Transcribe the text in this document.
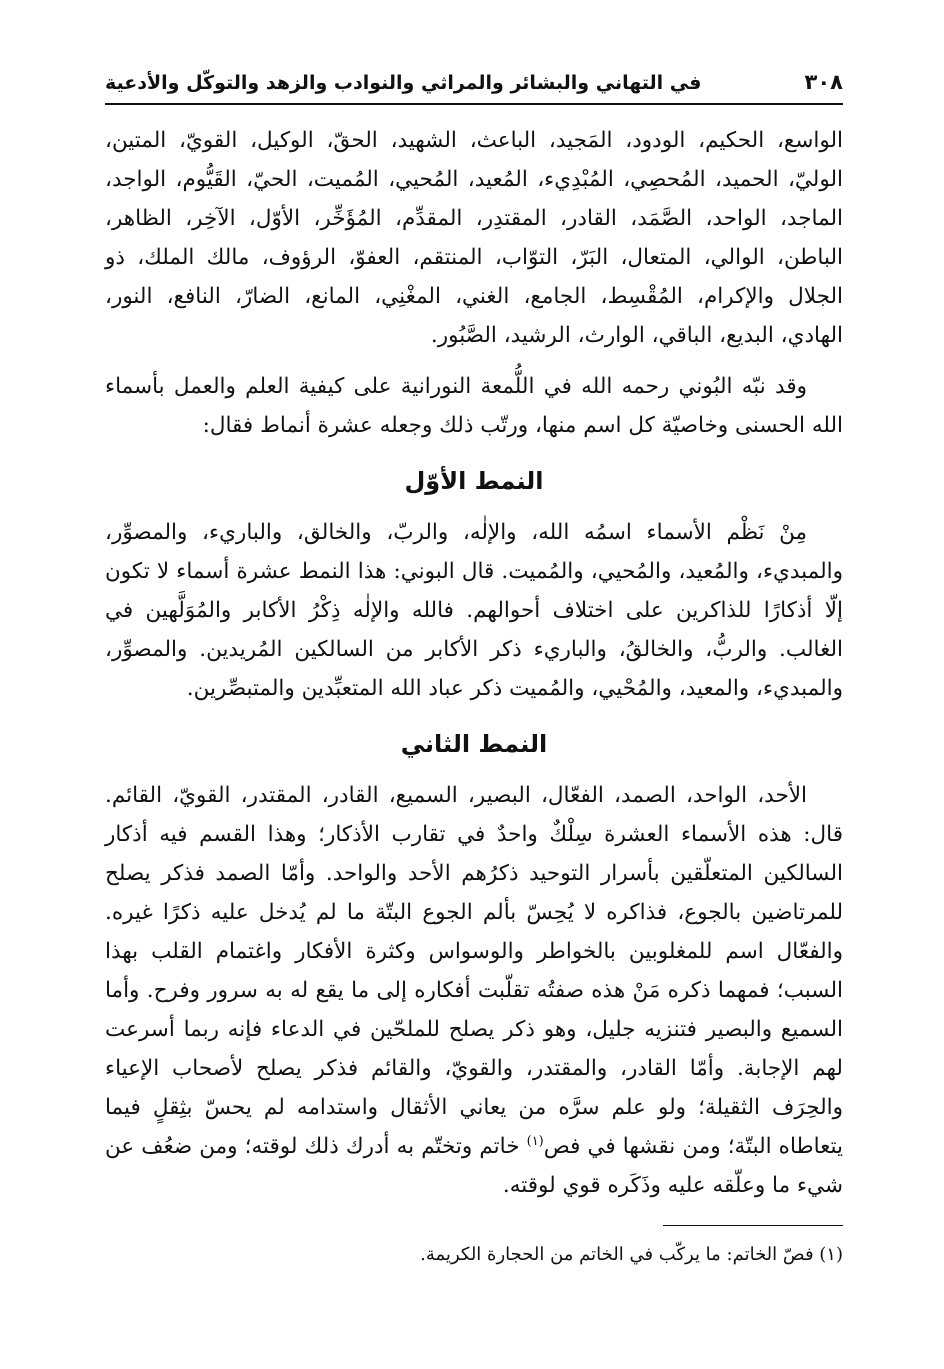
٣٠٨
في التهاني والبشائر والمراثي والنوادب والزهد والتوكّل والأدعية

الواسع، الحكيم، الودود، المَجيد، الباعث، الشهيد، الحقّ، الوكيل، القويّ، المتين، الوليّ، الحميد، المُحصِي، المُبْدِيء، المُعيد، المُحيي، المُميت، الحيّ، القَيُّوم، الواجد، الماجد، الواحد، الصَّمَد، القادر، المقتدِر، المقدِّم، المُؤَخِّر، الأوّل، الآخِر، الظاهر، الباطن، الوالي، المتعال، البَرّ، التوّاب، المنتقم، العفوّ، الرؤوف، مالك الملك، ذو الجلال والإكرام، المُقْسِط، الجامع، الغني، المغْنِي، المانع، الضارّ، النافع، النور، الهادي، البديع، الباقي، الوارث، الرشيد، الصَّبُور.

وقد نبّه البُوني رحمه الله في اللُّمعة النورانية على كيفية العلم والعمل بأسماء الله الحسنى وخاصيّة كل اسم منها، ورتّب ذلك وجعله عشرة أنماط فقال:

النمط الأوّل

مِنْ نَظْم الأسماء اسمُه الله، والإلٰه، والربّ، والخالق، والباريء، والمصوِّر، والمبديء، والمُعيد، والمُحيي، والمُميت. قال البوني: هذا النمط عشرة أسماء لا تكون إلّا أذكارًا للذاكرين على اختلاف أحوالهم. فالله والإلٰه ذِكْرُ الأكابر والمُوَلَّهين في الغالب. والربُّ، والخالقُ، والباريء ذكر الأكابر من السالكين المُريدين. والمصوِّر، والمبديء، والمعيد، والمُحْيي، والمُميت ذكر عباد الله المتعبِّدين والمتبصِّرين.

النمط الثاني

الأحد، الواحد، الصمد، الفعّال، البصير، السميع، القادر، المقتدر، القويّ، القائم. قال: هذه الأسماء العشرة سِلْكٌ واحدٌ في تقارب الأذكار؛ وهذا القسم فيه أذكار السالكين المتعلّقين بأسرار التوحيد ذكرُهم الأحد والواحد. وأمّا الصمد فذكر يصلح للمرتاضين بالجوع، فذاكره لا يُحِسّ بألم الجوع البتّة ما لم يُدخل عليه ذكرًا غيره. والفعّال اسم للمغلوبين بالخواطر والوسواس وكثرة الأفكار واغتمام القلب بهذا السبب؛ فمهما ذكره مَنْ هذه صفتُه تقلّبت أفكاره إلى ما يقع له به سرور وفرح. وأما السميع والبصير فتنزيه جليل، وهو ذكر يصلح للملحّين في الدعاء فإنه ربما أسرعت لهم الإجابة. وأمّا القادر، والمقتدر، والقويّ، والقائم فذكر يصلح لأصحاب الإعياء والحِرَف الثقيلة؛ ولو علم سرَّه من يعاني الأثقال واستدامه لم يحسّ بثِقلٍ فيما يتعاطاه البتّة؛ ومن نقشها في فص$^{(١)}$ خاتم وتختّم به أدرك ذلك لوقته؛ ومن ضعُف عن شيء ما وعلّقه عليه وذَكَره قوي لوقته.

(١) فصّ الخاتم: ما يركّب في الخاتم من الحجارة الكريمة.
